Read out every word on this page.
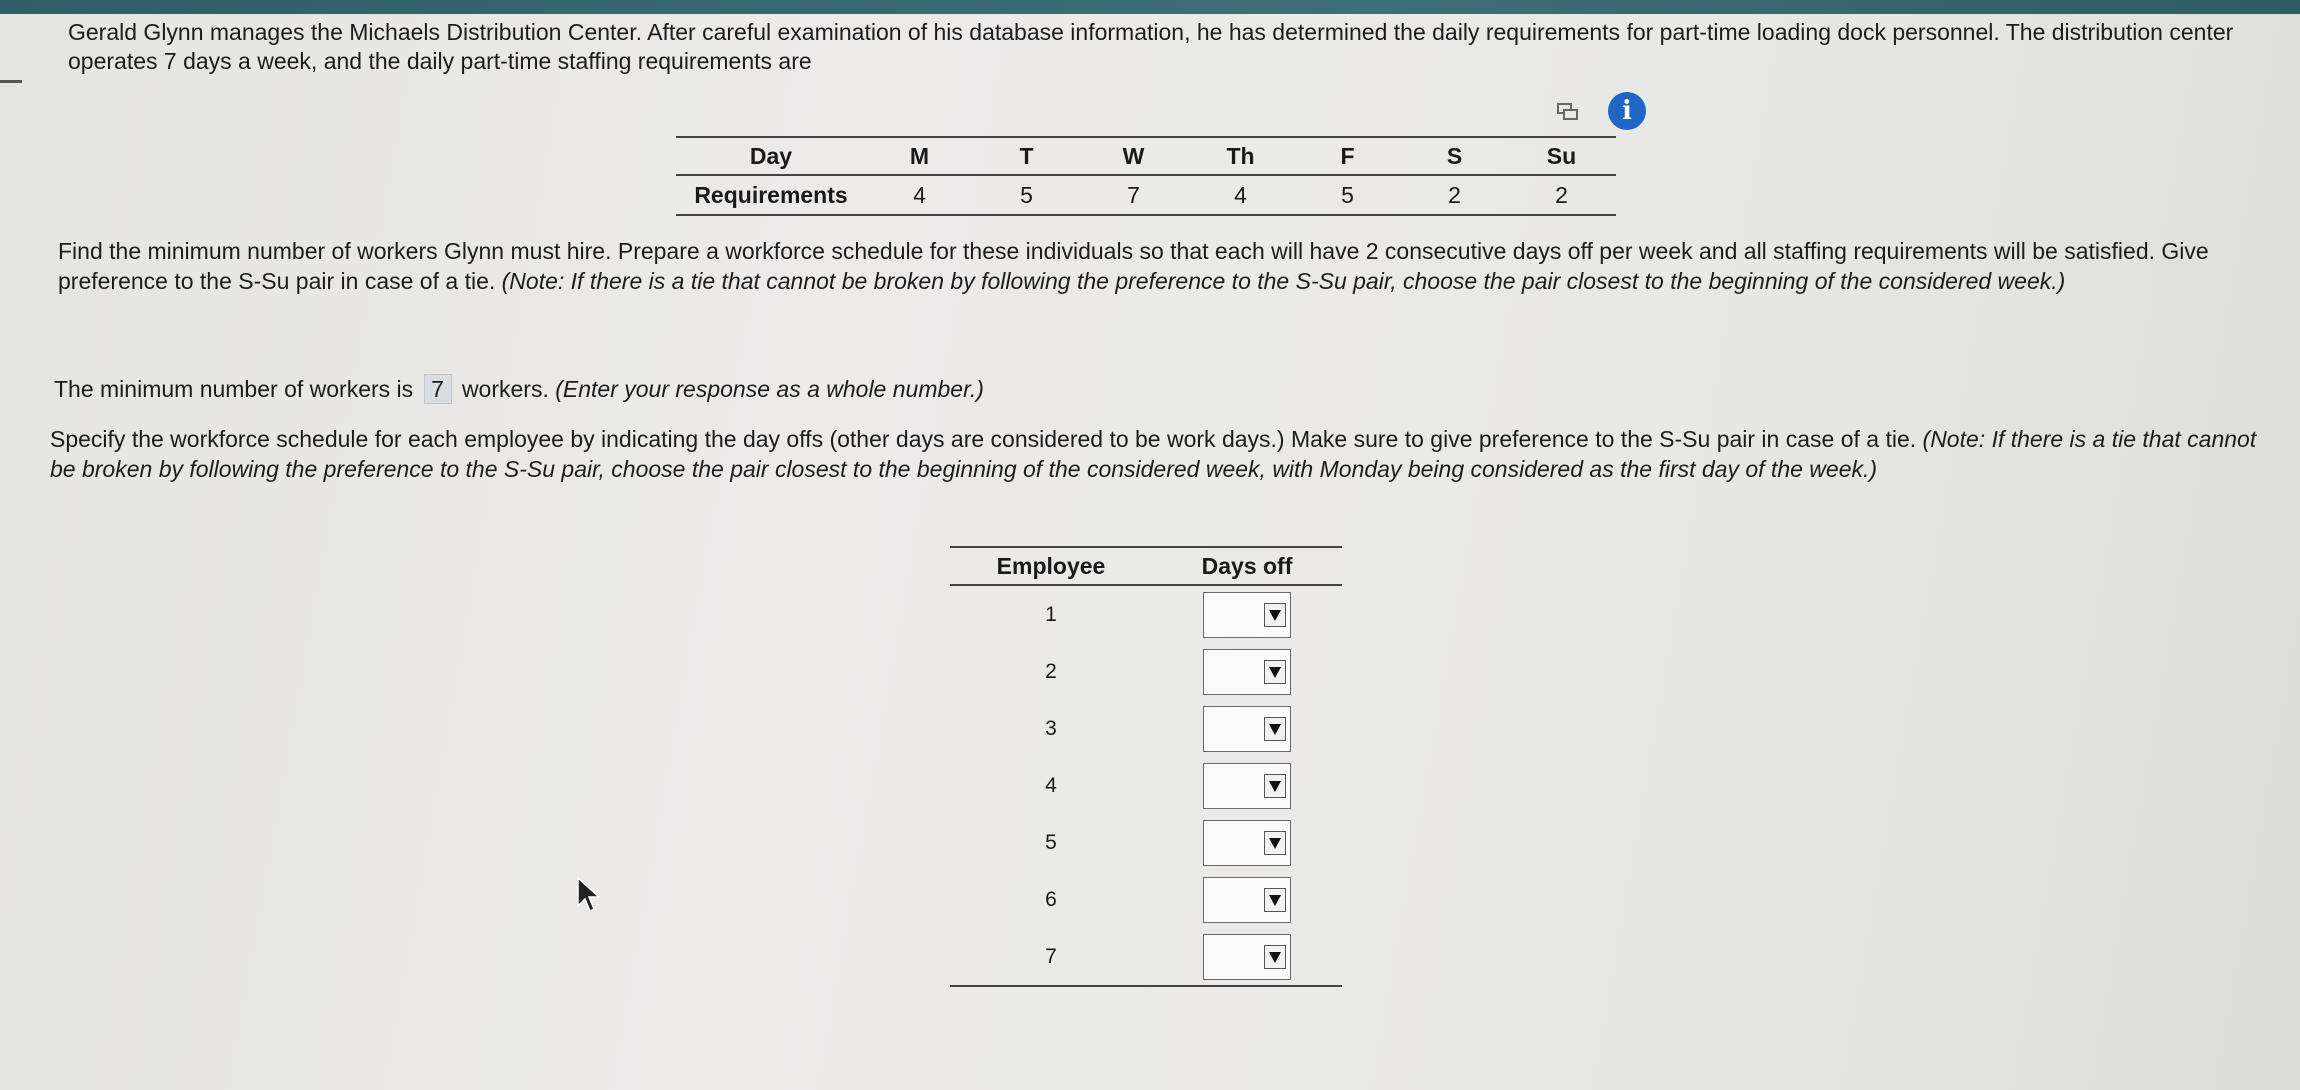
Gerald Glynn manages the Michaels Distribution Center. After careful examination of his database information, he has determined the daily requirements for part-time loading dock personnel. The distribution center operates 7 days a week, and the daily part-time staffing requirements are
i
Day	M	T	W	Th	F	S	Su
Requirements	4	5	7	4	5	2	2
Find the minimum number of workers Glynn must hire. Prepare a workforce schedule for these individuals so that each will have 2 consecutive days off per week and all staffing requirements will be satisfied. Give preference to the S-Su pair in case of a tie. (Note: If there is a tie that cannot be broken by following the preference to the S-Su pair, choose the pair closest to the beginning of the considered week.)
The minimum number of workers is 7 workers. (Enter your response as a whole number.)
Specify the workforce schedule for each employee by indicating the day offs (other days are considered to be work days.) Make sure to give preference to the S-Su pair in case of a tie. (Note: If there is a tie that cannot be broken by following the preference to the S-Su pair, choose the pair closest to the beginning of the considered week, with Monday being considered as the first day of the week.)
Employee	Days off
1
2
3
4
5
6
7
